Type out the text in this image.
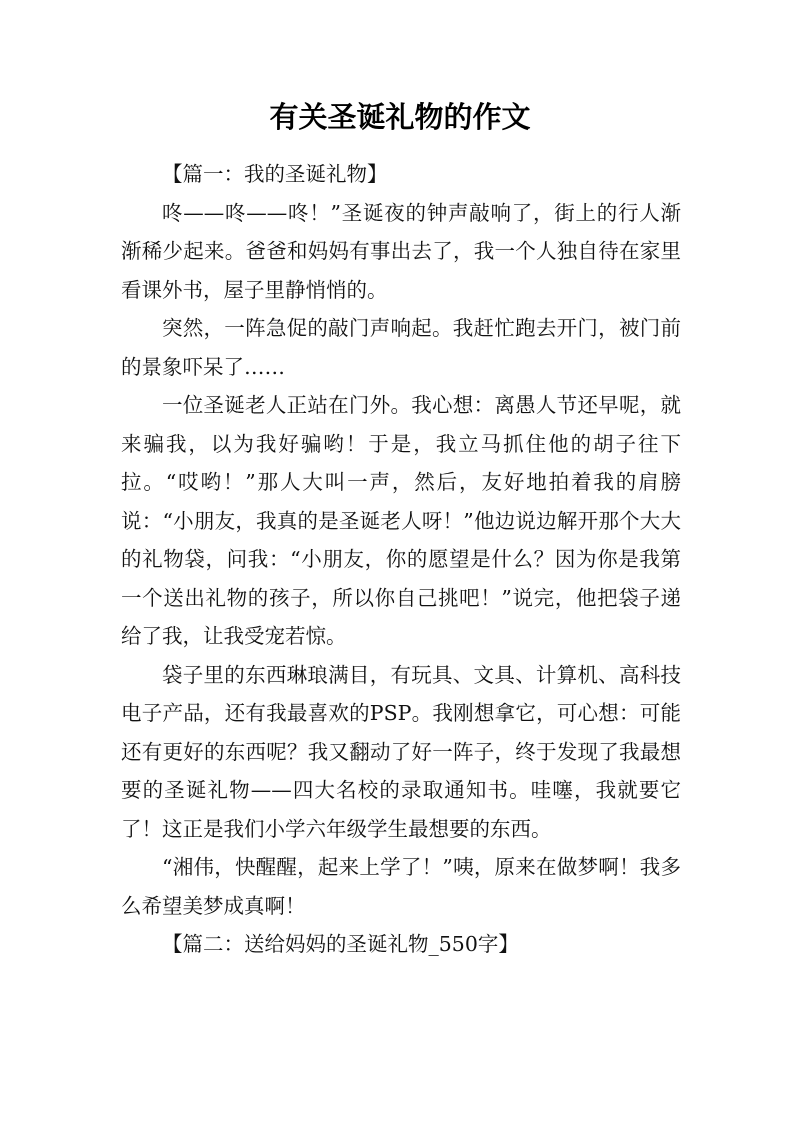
有关圣诞礼物的作文

【篇一：我的圣诞礼物】

咚——咚——咚！”圣诞夜的钟声敲响了，街上的行人渐渐稀少起来。爸爸和妈妈有事出去了，我一个人独自待在家里看课外书，屋子里静悄悄的。

突然，一阵急促的敲门声响起。我赶忙跑去开门，被门前的景象吓呆了……

一位圣诞老人正站在门外。我心想：离愚人节还早呢，就来骗我，以为我好骗哟！于是，我立马抓住他的胡子往下拉。“哎哟！”那人大叫一声，然后，友好地拍着我的肩膀说：“小朋友，我真的是圣诞老人呀！”他边说边解开那个大大的礼物袋，问我：“小朋友，你的愿望是什么？因为你是我第一个送出礼物的孩子，所以你自己挑吧！”说完，他把袋子递给了我，让我受宠若惊。

袋子里的东西琳琅满目，有玩具、文具、计算机、高科技电子产品，还有我最喜欢的PSP。我刚想拿它，可心想：可能还有更好的东西呢？我又翻动了好一阵子，终于发现了我最想要的圣诞礼物——四大名校的录取通知书。哇噻，我就要它了！这正是我们小学六年级学生最想要的东西。

“湘伟，快醒醒，起来上学了！”咦，原来在做梦啊！我多么希望美梦成真啊！

【篇二：送给妈妈的圣诞礼物_550字】
